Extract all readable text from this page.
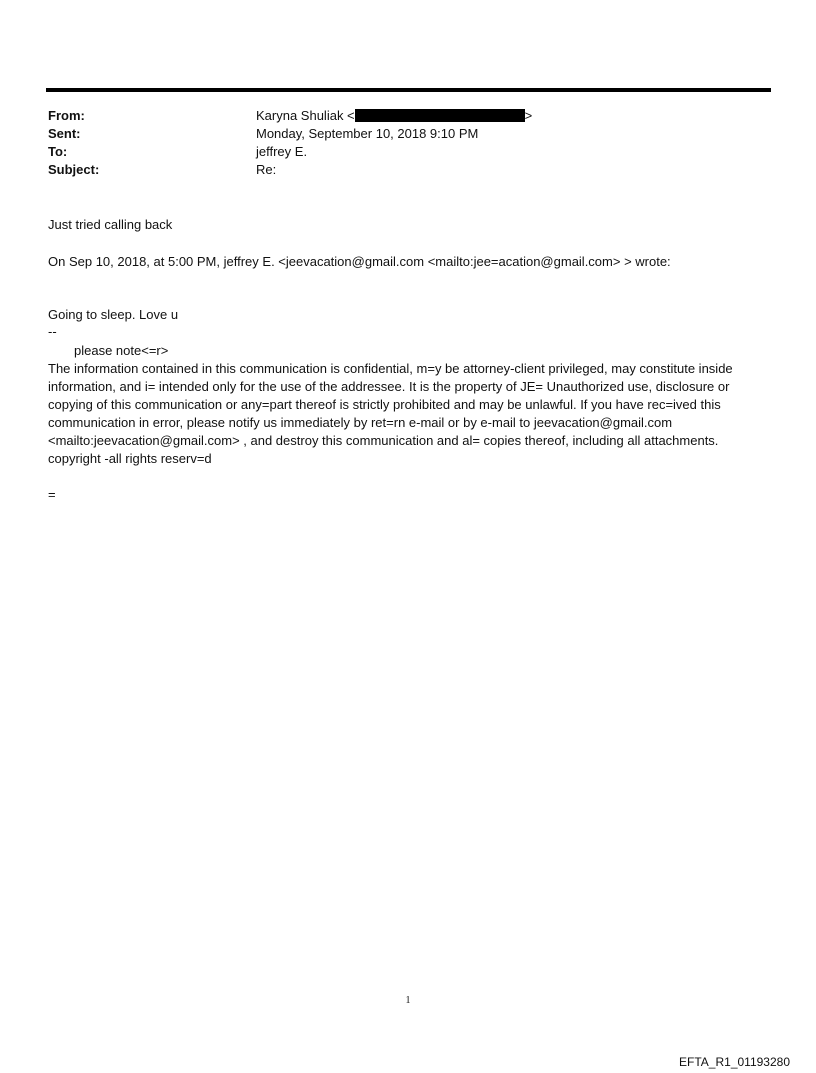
From:	Karyna Shuliak <	>
Sent:	Monday, September 10, 2018 9:10 PM
To:	jeffrey E.
Subject:	Re:
Just tried calling back
On Sep 10, 2018, at 5:00 PM, jeffrey E. <jeevacation@gmail.com <mailto:jee=acation@gmail.com> > wrote:
Going to sleep. Love u
--
please note<=r>
The information contained in this communication is confidential, m=y be attorney-client privileged, may constitute inside information, and i= intended only for the use of the addressee. It is the property of JE= Unauthorized use, disclosure or copying of this communication or any=part thereof is strictly prohibited and may be unlawful. If you have rec=ived this communication in error, please notify us immediately by ret=rn e-mail or by e-mail to jeevacation@gmail.com <mailto:jeevacation@gmail.com> , and destroy this communication and al= copies thereof, including all attachments. copyright -all rights reserv=d
=
1
EFTA_R1_01193280
